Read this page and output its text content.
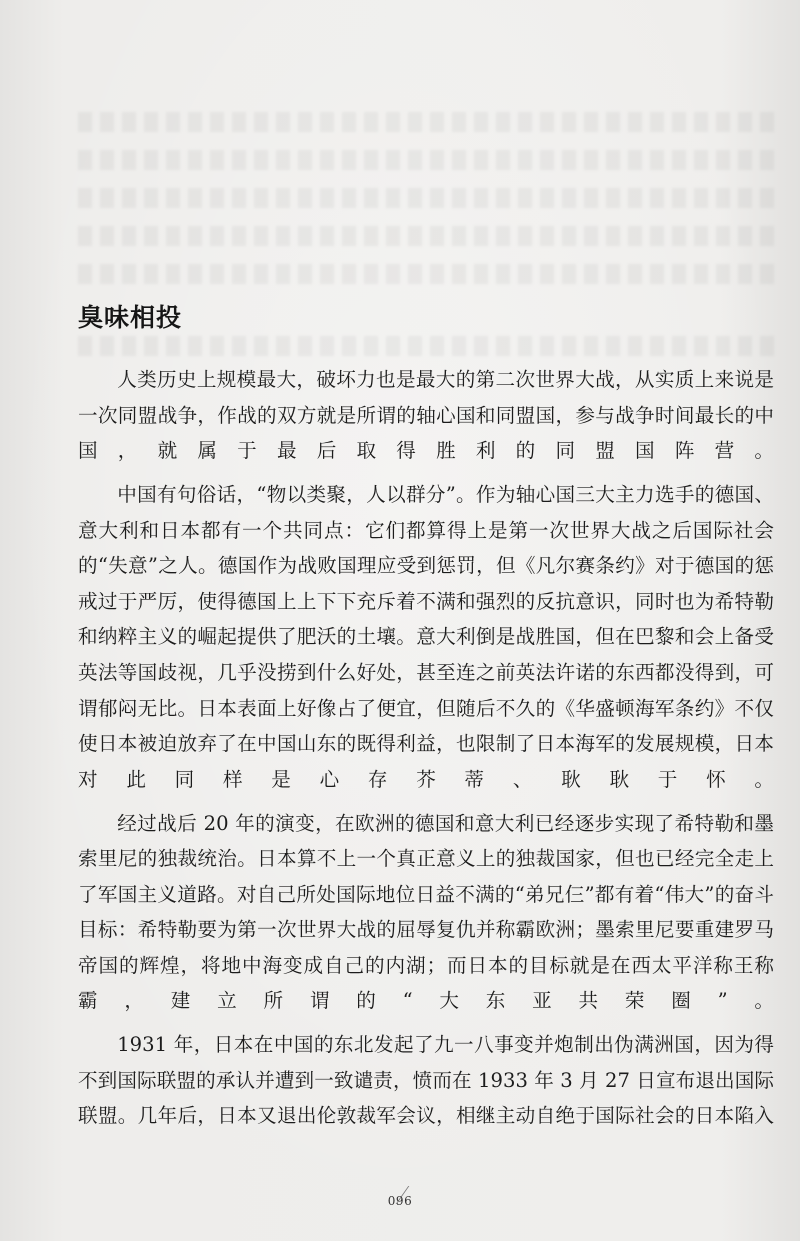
臭味相投

人类历史上规模最大，破坏力也是最大的第二次世界大战，从实质上来说是一次同盟战争，作战的双方就是所谓的轴心国和同盟国，参与战争时间最长的中国，就属于最后取得胜利的同盟国阵营。

中国有句俗话，“物以类聚，人以群分”。作为轴心国三大主力选手的德国、意大利和日本都有一个共同点：它们都算得上是第一次世界大战之后国际社会的“失意”之人。德国作为战败国理应受到惩罚，但《凡尔赛条约》对于德国的惩戒过于严厉，使得德国上上下下充斥着不满和强烈的反抗意识，同时也为希特勒和纳粹主义的崛起提供了肥沃的土壤。意大利倒是战胜国，但在巴黎和会上备受英法等国歧视，几乎没捞到什么好处，甚至连之前英法许诺的东西都没得到，可谓郁闷无比。日本表面上好像占了便宜，但随后不久的《华盛顿海军条约》不仅使日本被迫放弃了在中国山东的既得利益，也限制了日本海军的发展规模，日本对此同样是心存芥蒂、耿耿于怀。

经过战后 20 年的演变，在欧洲的德国和意大利已经逐步实现了希特勒和墨索里尼的独裁统治。日本算不上一个真正意义上的独裁国家，但也已经完全走上了军国主义道路。对自己所处国际地位日益不满的“弟兄仨”都有着“伟大”的奋斗目标：希特勒要为第一次世界大战的屈辱复仇并称霸欧洲；墨索里尼要重建罗马帝国的辉煌，将地中海变成自己的内湖；而日本的目标就是在西太平洋称王称霸，建立所谓的“大东亚共荣圈”。

1931 年，日本在中国的东北发起了九一八事变并炮制出伪满洲国，因为得不到国际联盟的承认并遭到一致谴责，愤而在 1933 年 3 月 27 日宣布退出国际联盟。几年后，日本又退出伦敦裁军会议，相继主动自绝于国际社会的日本陷入

096
